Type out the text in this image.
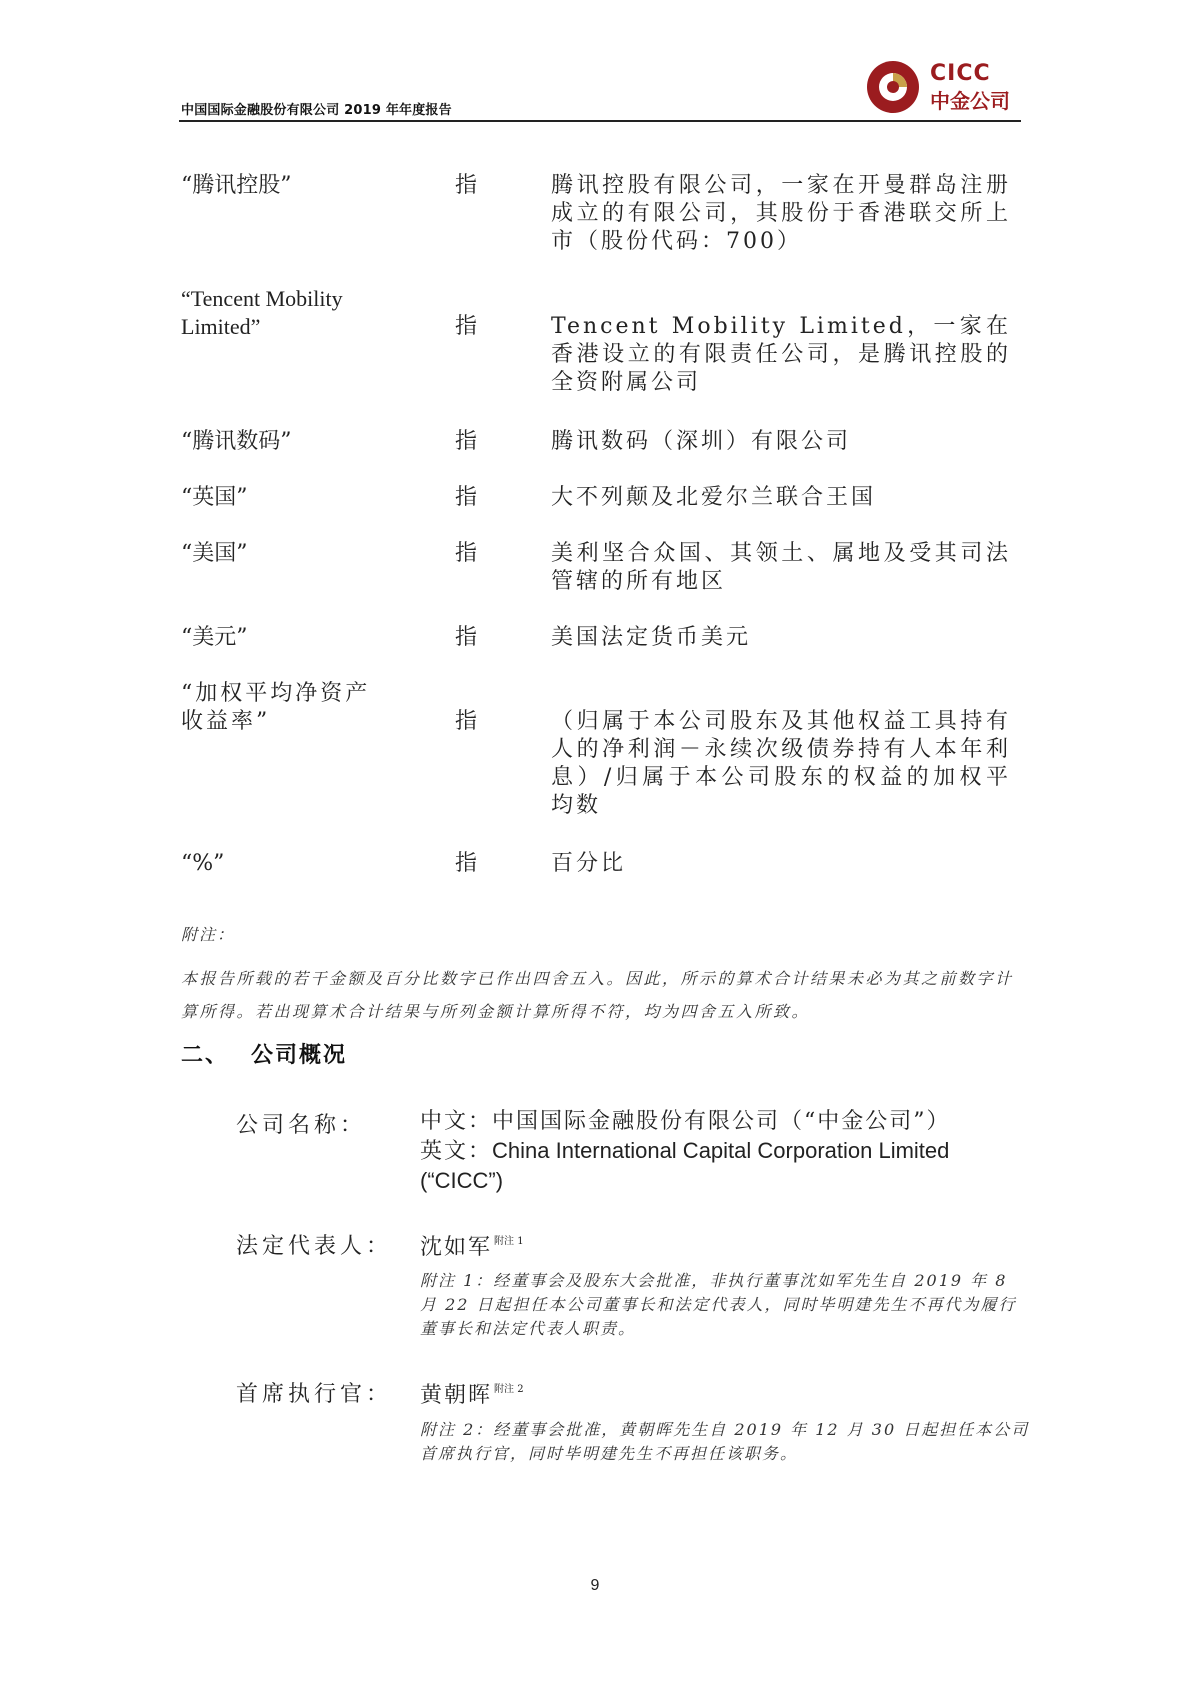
中国国际金融股份有限公司 2019 年年度报告
CICC
中金公司
“腾讯控股”	指	腾讯控股有限公司，一家在开曼群岛注册成立的有限公司，其股份于香港联交所上市（股份代码：700）
“Tencent Mobility Limited”	指	Tencent Mobility Limited，一家在香港设立的有限责任公司，是腾讯控股的全资附属公司
“腾讯数码”	指	腾讯数码（深圳）有限公司
“英国”	指	大不列颠及北爱尔兰联合王国
“美国”	指	美利坚合众国、其领土、属地及受其司法管辖的所有地区
“美元”	指	美国法定货币美元
“加权平均净资产收益率”	指	（归属于本公司股东及其他权益工具持有人的净利润－永续次级债券持有人本年利息）/归属于本公司股东的权益的加权平均数
“%”	指	百分比
附注：
本报告所载的若干金额及百分比数字已作出四舍五入。因此，所示的算术合计结果未必为其之前数字计算所得。若出现算术合计结果与所列金额计算所得不符，均为四舍五入所致。
二、 公司概况
公司名称： 中文：中国国际金融股份有限公司（“中金公司”）
英文：China International Capital Corporation Limited
(“CICC”)
法定代表人： 沈如军 $^{附注 1}$
附注 1：经董事会及股东大会批准，非执行董事沈如军先生自 2019 年 8 月 22 日起担任本公司董事长和法定代表人，同时毕明建先生不再代为履行董事长和法定代表人职责。
首席执行官： 黄朝晖 $^{附注 2}$
附注 2：经董事会批准，黄朝晖先生自 2019 年 12 月 30 日起担任本公司首席执行官，同时毕明建先生不再担任该职务。
9
